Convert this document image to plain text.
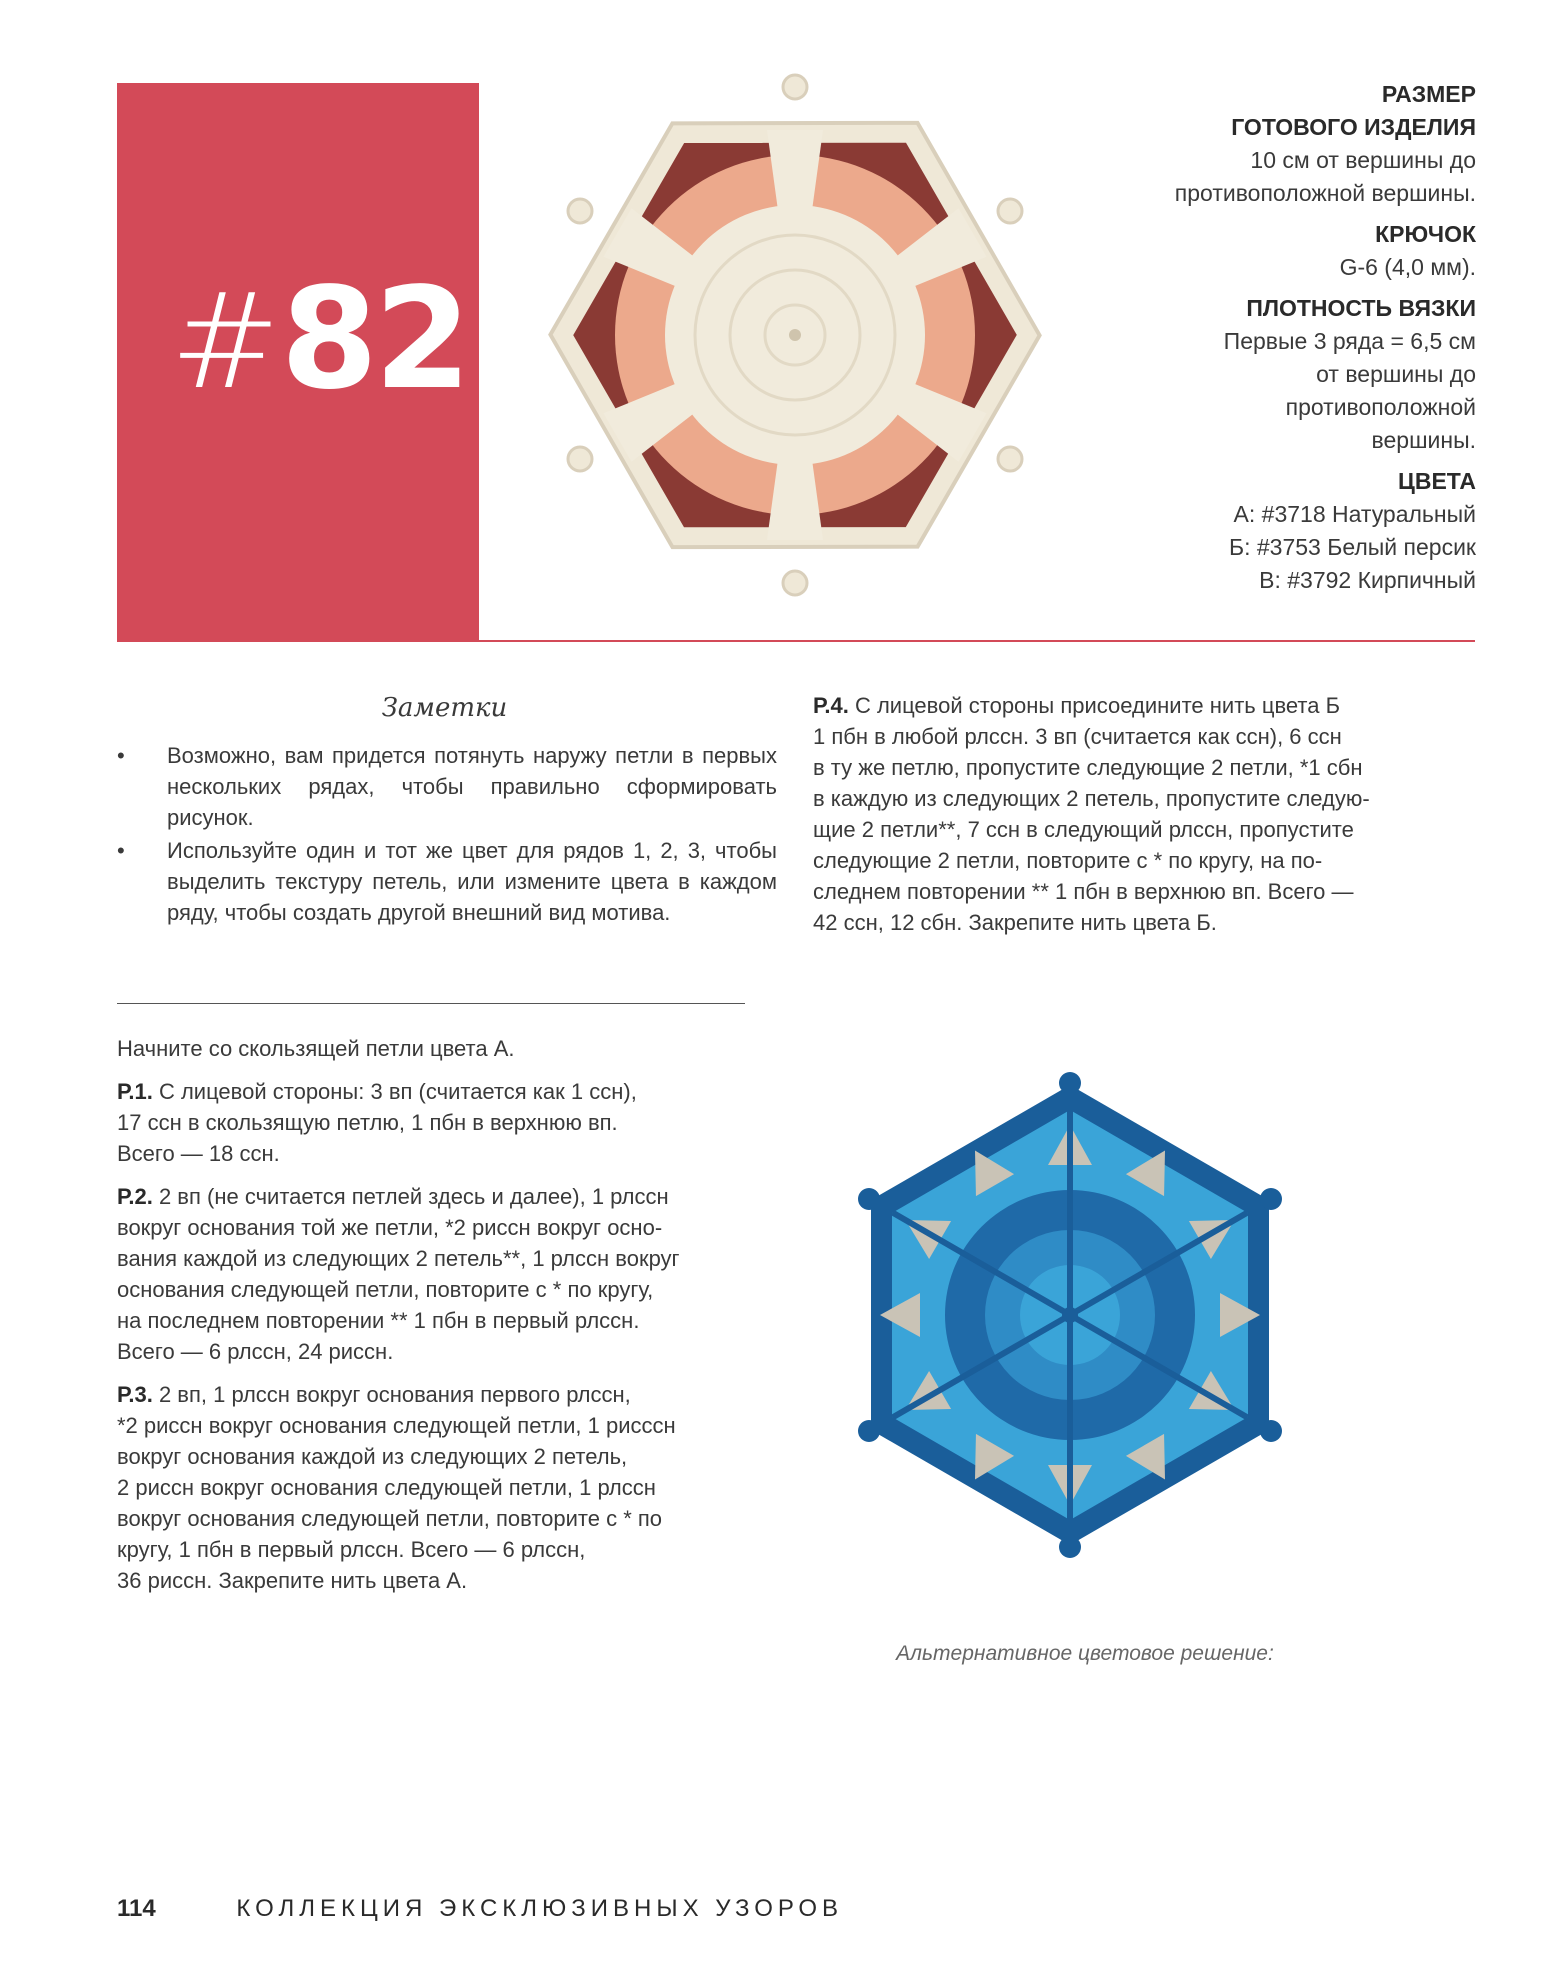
#82
РАЗМЕР
ГОТОВОГО ИЗДЕЛИЯ
10 см от вершины до
противоположной вершины.
КРЮЧОК
G-6 (4,0 мм).
ПЛОТНОСТЬ ВЯЗКИ
Первые 3 ряда = 6,5 см
от вершины до
противоположной
вершины.
ЦВЕТА
А: #3718 Натуральный
Б: #3753 Белый персик
В: #3792 Кирпичный
Заметки
• Возможно, вам придется потянуть наружу петли в первых нескольких рядах, чтобы правильно сформировать рисунок.
• Используйте один и тот же цвет для рядов 1, 2, 3, чтобы выделить текстуру петель, или измените цвета в каждом ряду, чтобы создать другой внешний вид мотива.

Начните со скользящей петли цвета А.

Р.1. С лицевой стороны: 3 вп (считается как 1 ссн),
17 ссн в скользящую петлю, 1 пбн в верхнюю вп.
Всего — 18 ссн.

Р.2. 2 вп (не считается петлей здесь и далее), 1 рлссн
вокруг основания той же петли, *2 риссн вокруг осно-
вания каждой из следующих 2 петель**, 1 рлссн вокруг
основания следующей петли, повторите с * по кругу,
на последнем повторении ** 1 пбн в первый рлссн.
Всего — 6 рлссн, 24 риссн.

Р.3. 2 вп, 1 рлссн вокруг основания первого рлссн,
*2 риссн вокруг основания следующей петли, 1 рисссн
вокруг основания каждой из следующих 2 петель,
2 риссн вокруг основания следующей петли, 1 рлссн
вокруг основания следующей петли, повторите с * по
кругу, 1 пбн в первый рлссн. Всего — 6 рлссн,
36 риссн. Закрепите нить цвета А.

Р.4. С лицевой стороны присоедините нить цвета Б
1 пбн в любой рлссн. 3 вп (считается как ссн), 6 ссн
в ту же петлю, пропустите следующие 2 петли, *1 сбн
в каждую из следующих 2 петель, пропустите следую-
щие 2 петли**, 7 ссн в следующий рлссн, пропустите
следующие 2 петли, повторите с * по кругу, на по-
следнем повторении ** 1 пбн в верхнюю вп. Всего —
42 ссн, 12 сбн. Закрепите нить цвета Б.

Альтернативное цветовое решение:
114	КОЛЛЕКЦИЯ ЭКСКЛЮЗИВНЫХ УЗОРОВ
